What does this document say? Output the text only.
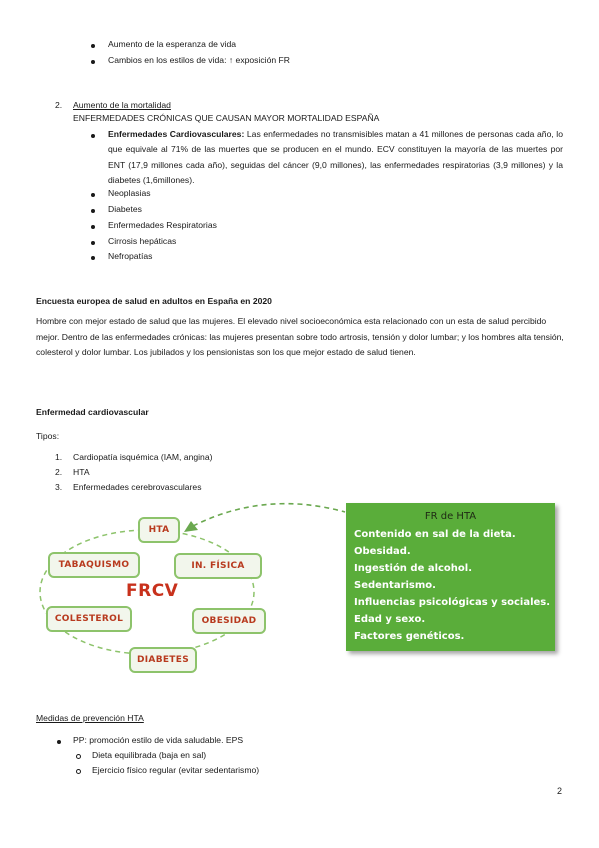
Aumento de la esperanza de vida
Cambios en los estilos de vida: ↑ exposición FR
2. Aumento de la mortalidad
ENFERMEDADES CRÓNICAS QUE CAUSAN MAYOR MORTALIDAD ESPAÑA
Enfermedades Cardiovasculares: Las enfermedades no transmisibles matan a 41 millones de personas cada año, lo que equivale al 71% de las muertes que se producen en el mundo. ECV constituyen la mayoría de las muertes por ENT (17,9 millones cada año), seguidas del cáncer (9,0 millones), las enfermedades respiratorias (3,9 millones) y la diabetes (1,6millones).
Neoplasias
Diabetes
Enfermedades Respiratorias
Cirrosis hepáticas
Nefropatías
Encuesta europea de salud en adultos en España en 2020
Hombre con mejor estado de salud que las mujeres. El elevado nivel socioeconómica esta relacionado con un esta de salud percibido mejor. Dentro de las enfermedades crónicas: las mujeres presentan sobre todo artrosis, tensión y dolor lumbar; y los hombres alta tensión, colesterol y dolor lumbar. Los jubilados y los pensionistas son los que mejor estado de salud tienen.
Enfermedad cardiovascular
Tipos:
1. Cardiopatía isquémica (IAM, angina)
2. HTA
3. Enfermedades cerebrovasculares
HTA
IN. FÍSICA
OBESIDAD
DIABETES
COLESTEROL
TABAQUISMO
FRCV
FR de HTA
Contenido en sal de la dieta.
Obesidad.
Ingestión de alcohol.
Sedentarismo.
Influencias psicológicas y sociales.
Edad y sexo.
Factores genéticos.
Medidas de prevención HTA
PP: promoción estilo de vida saludable. EPS
Dieta equilibrada (baja en sal)
Ejercicio físico regular (evitar sedentarismo)
2
